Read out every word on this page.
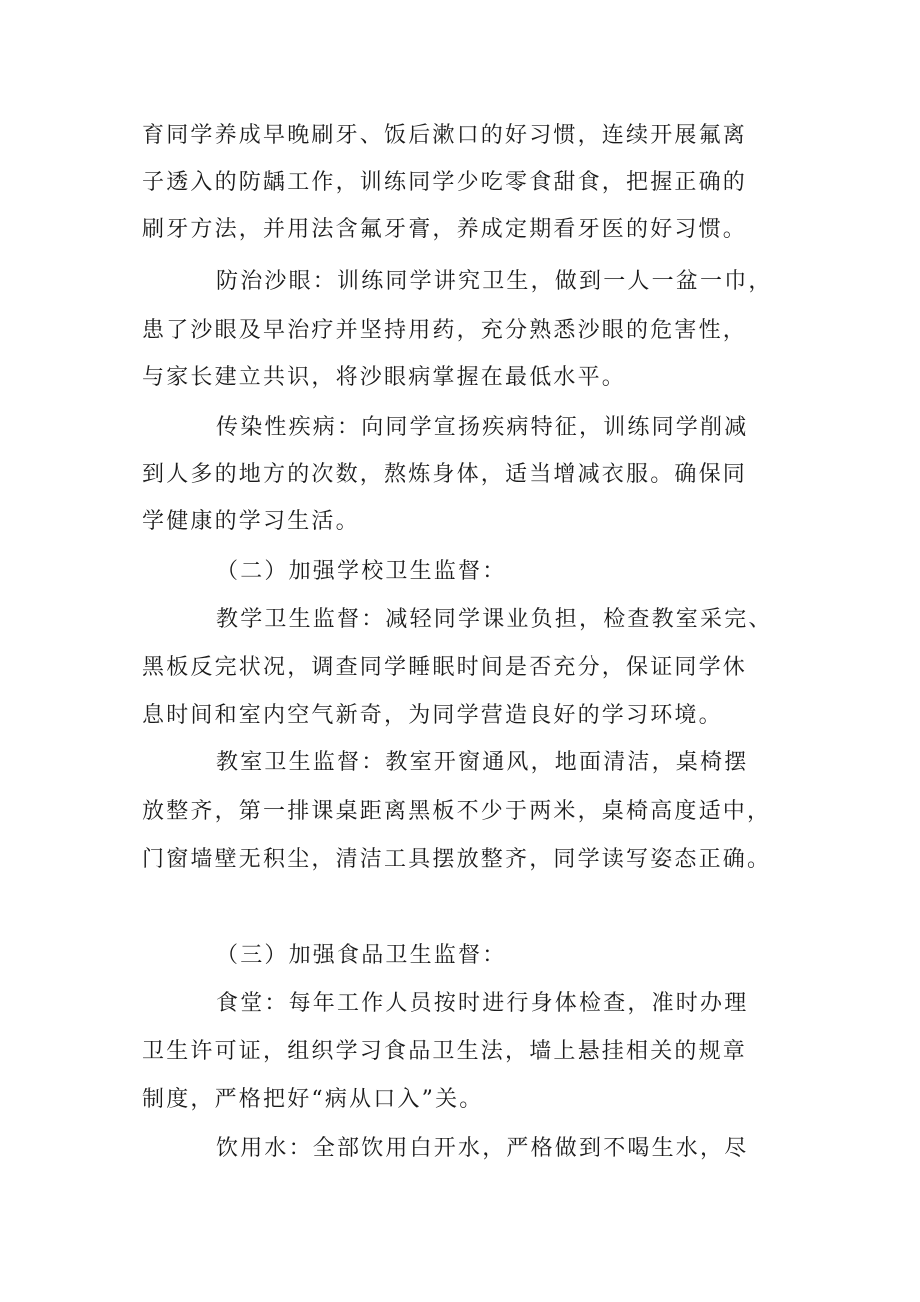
育同学养成早晚刷牙、饭后漱口的好习惯，连续开展氟离
子透入的防龋工作，训练同学少吃零食甜食，把握正确的
刷牙方法，并用法含氟牙膏，养成定期看牙医的好习惯。
防治沙眼：训练同学讲究卫生，做到一人一盆一巾，
患了沙眼及早治疗并坚持用药，充分熟悉沙眼的危害性，
与家长建立共识，将沙眼病掌握在最低水平。
传染性疾病：向同学宣扬疾病特征，训练同学削减
到人多的地方的次数，熬炼身体，适当增减衣服。确保同
学健康的学习生活。
（二）加强学校卫生监督：
教学卫生监督：减轻同学课业负担，检查教室采完、
黑板反完状况，调查同学睡眠时间是否充分，保证同学休
息时间和室内空气新奇，为同学营造良好的学习环境。
教室卫生监督：教室开窗通风，地面清洁，桌椅摆
放整齐，第一排课桌距离黑板不少于两米，桌椅高度适中，
门窗墙壁无积尘，清洁工具摆放整齐，同学读写姿态正确。
（三）加强食品卫生监督：
食堂：每年工作人员按时进行身体检查，准时办理
卫生许可证，组织学习食品卫生法，墙上悬挂相关的规章
制度，严格把好“病从口入”关。
饮用水：全部饮用白开水，严格做到不喝生水，尽
